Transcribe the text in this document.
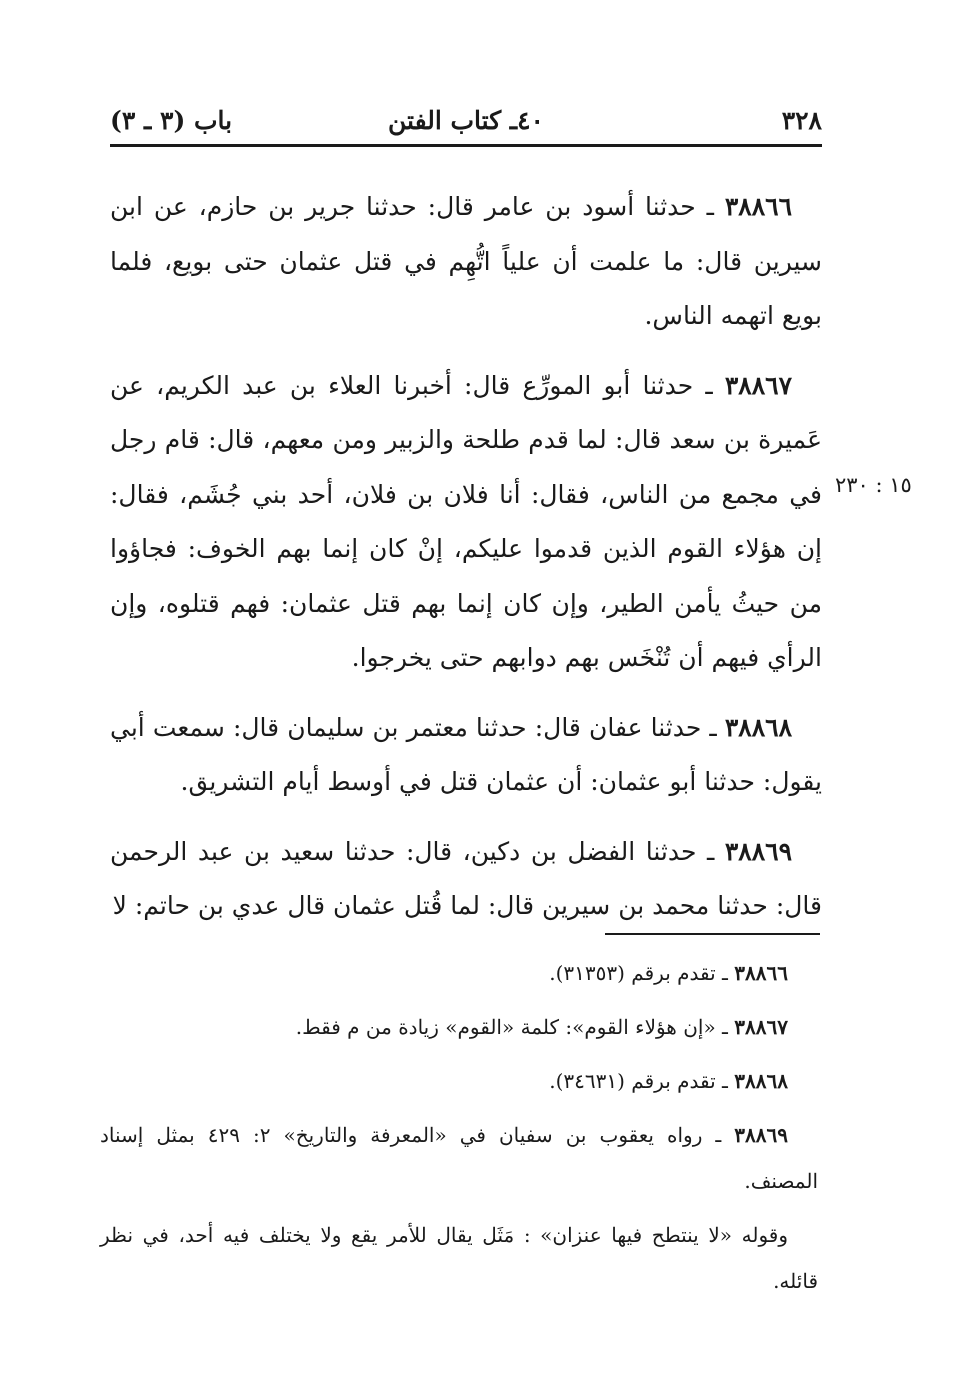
٣٢٨
٤٠ـ كتاب الفتن
باب (٣ ـ ٣)
١٥ : ٢٣٠

٣٨٨٦٦ ـ حدثنا أسود بن عامر قال: حدثنا جرير بن حازم، عن ابن سيرين قال: ما علمت أن علياً اتُّهِم في قتل عثمان حتى بويع، فلما بويع اتهمه الناس.

٣٨٨٦٧ ـ حدثنا أبو المورِّع قال: أخبرنا العلاء بن عبد الكريم، عن عَميرة بن سعد قال: لما قدم طلحة والزبير ومن معهم، قال: قام رجل في مجمع من الناس، فقال: أنا فلان بن فلان، أحد بني جُشَم، فقال: إن هؤلاء القوم الذين قدموا عليكم، إنْ كان إنما بهم الخوف: فجاؤوا من حيثُ يأمن الطير، وإن كان إنما بهم قتل عثمان: فهم قتلوه، وإن الرأي فيهم أن تُنْخَس بهم دوابهم حتى يخرجوا.

٣٨٨٦٨ ـ حدثنا عفان قال: حدثنا معتمر بن سليمان قال: سمعت أبي يقول: حدثنا أبو عثمان: أن عثمان قتل في أوسط أيام التشريق.

٣٨٨٦٩ ـ حدثنا الفضل بن دكين، قال: حدثنا سعيد بن عبد الرحمن قال: حدثنا محمد بن سيرين قال: لما قُتل عثمان قال عدي بن حاتم: لا

٣٨٨٦٦ ـ تقدم برقم (٣١٣٥٣).

٣٨٨٦٧ ـ «إن هؤلاء القوم»: كلمة «القوم» زيادة من م فقط.

٣٨٨٦٨ ـ تقدم برقم (٣٤٦٣١).

٣٨٨٦٩ ـ رواه يعقوب بن سفيان في «المعرفة والتاريخ» ٢: ٤٢٩ بمثل إسناد المصنف.

وقوله «لا ينتطح فيها عنزان» : مَثَل يقال للأمر يقع ولا يختلف فيه أحد، في نظر قائله.
